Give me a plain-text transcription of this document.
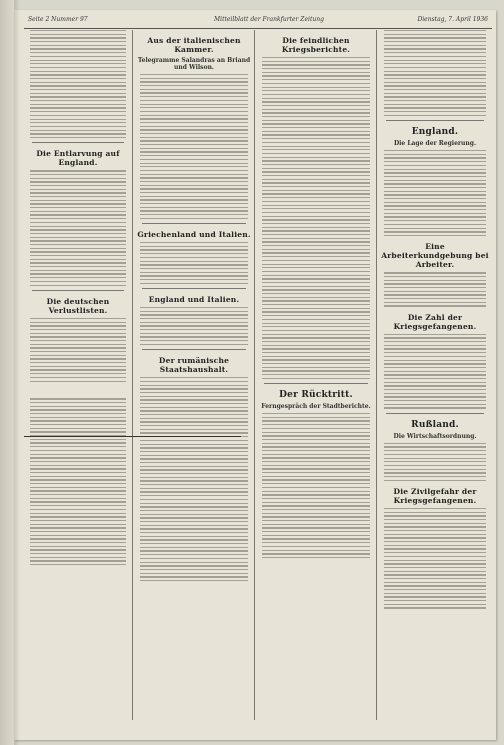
Seite 2 Nummer 97	Mitteilblatt der Frankfurter Zeitung	Dienstag, 7. April 1936
Die Entlarvung auf England.
Die deutschen Verlustlisten.
Aus der italienischen Kammer.
Telegramme Salandras an Briand und Wilson.
Griechenland und Italien.
England und Italien.
Der rumänische Staatshaushalt.
Die feindlichen Kriegsberichte.
Der Rücktritt.
Ferngespräch der Stadtberichte.
England.
Die Lage der Regierung.
Eine Arbeiterkundgebung bei Arbeiter.
Die Zahl der Kriegsgefangenen.
Rußland.
Die Wirtschaftsordnung.
Die Zivilgefahr der Kriegsgefangenen.
